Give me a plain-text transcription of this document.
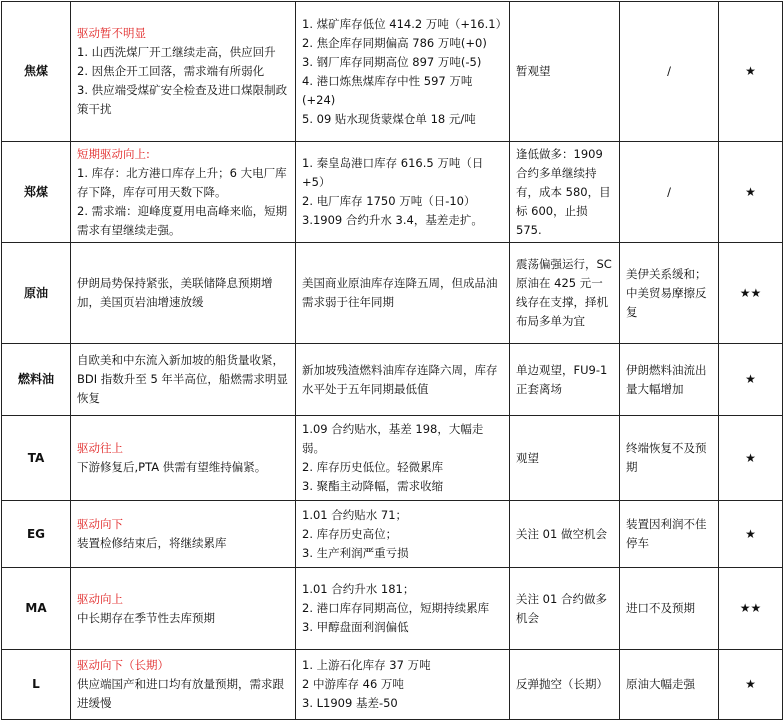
焦煤	驱动暂不明显
1. 山西洗煤厂开工继续走高，供应回升
2. 因焦企开工回落，需求端有所弱化
3. 供应端受煤矿安全检查及进口煤限制政策干扰	1. 煤矿库存低位 414.2 万吨（+16.1）
2. 焦企库存同期偏高 786 万吨(+0)
3. 钢厂库存同期高位 897 万吨(-5)
4. 港口炼焦煤库存中性 597 万吨(+24)
5. 09 贴水现货蒙煤仓单 18 元/吨	暂观望	/	★
郑煤	短期驱动向上:
1. 库存：北方港口库存上升；6 大电厂库存下降，库存可用天数下降。
2. 需求端：迎峰度夏用电高峰来临，短期需求有望继续走强。	1. 秦皇岛港口库存 616.5 万吨（日+5）
2. 电厂库存 1750 万吨（日-10）
3.1909 合约升水 3.4，基差走扩。	逢低做多：1909 合约多单继续持有，成本 580，目标 600，止损 575.	/	★
原油	伊朗局势保持紧张，美联储降息预期增加，美国页岩油增速放缓	美国商业原油库存连降五周，但成品油需求弱于往年同期	震荡偏强运行，SC 原油在 425 元一线存在支撑，择机布局多单为宜	美伊关系缓和；中美贸易摩擦反复	★★
燃料油	自欧美和中东流入新加坡的船货量收紧，BDI 指数升至 5 年半高位，船燃需求明显恢复	新加坡残渣燃料油库存连降六周，库存水平处于五年同期最低值	单边观望，FU9-1 正套离场	伊朗燃料油流出量大幅增加	★
TA	驱动往上
下游修复后,PTA 供需有望维持偏紧。	1.09 合约贴水，基差 198，大幅走弱。
2. 库存历史低位。轻微累库
3. 聚酯主动降幅，需求收缩	观望	终端恢复不及预期	★
EG	驱动向下
装置检修结束后，将继续累库	1.01 合约贴水 71；
2. 库存历史高位；
3. 生产利润严重亏损	关注 01 做空机会	装置因利润不佳停车	★
MA	驱动向上
中长期存在季节性去库预期	1.01 合约升水 181；
2. 港口库存同期高位，短期持续累库
3. 甲醇盘面利润偏低	关注 01 合约做多机会	进口不及预期	★★
L	驱动向下（长期）
供应端国产和进口均有放量预期，需求跟进缓慢	1. 上游石化库存 37 万吨
2 中游库存 46 万吨
3. L1909 基差-50	反弹抛空（长期）	原油大幅走强	★
